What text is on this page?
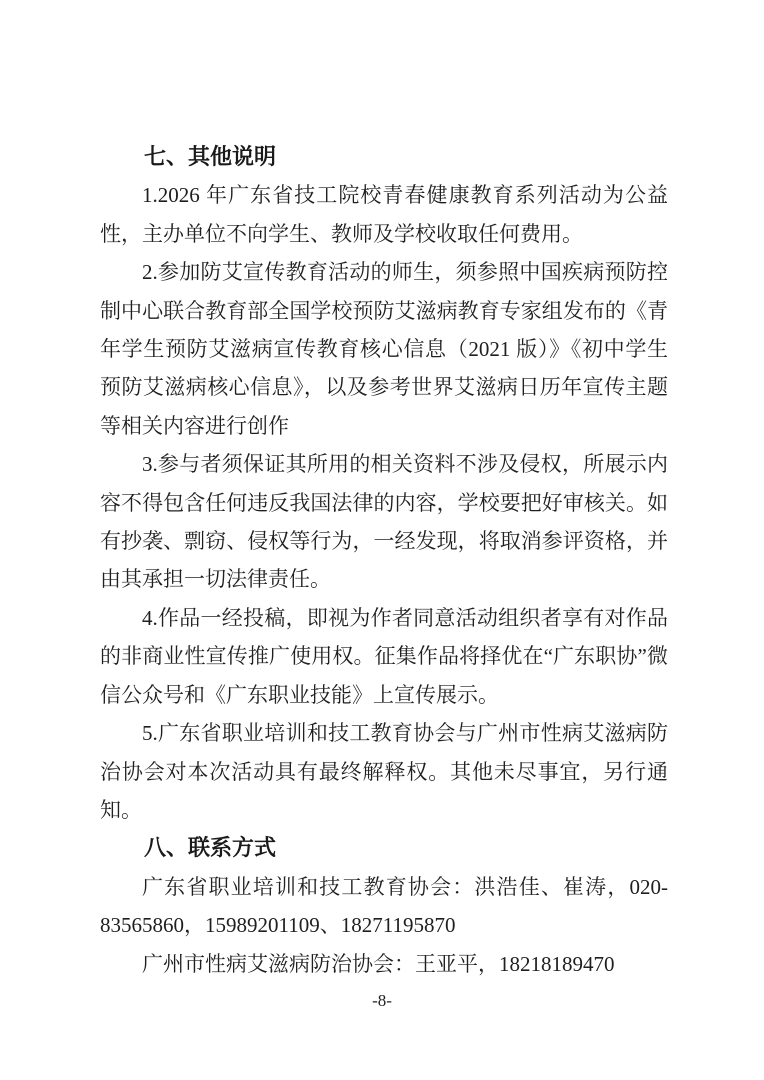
七、其他说明

1.2026 年广东省技工院校青春健康教育系列活动为公益性，主办单位不向学生、教师及学校收取任何费用。

2.参加防艾宣传教育活动的师生，须参照中国疾病预防控制中心联合教育部全国学校预防艾滋病教育专家组发布的《青年学生预防艾滋病宣传教育核心信息（2021 版）》《初中学生预防艾滋病核心信息》，以及参考世界艾滋病日历年宣传主题等相关内容进行创作

3.参与者须保证其所用的相关资料不涉及侵权，所展示内容不得包含任何违反我国法律的内容，学校要把好审核关。如有抄袭、剽窃、侵权等行为，一经发现，将取消参评资格，并由其承担一切法律责任。

4.作品一经投稿，即视为作者同意活动组织者享有对作品的非商业性宣传推广使用权。征集作品将择优在“广东职协”微信公众号和《广东职业技能》上宣传展示。

5.广东省职业培训和技工教育协会与广州市性病艾滋病防治协会对本次活动具有最终解释权。其他未尽事宜，另行通知。

八、联系方式

广东省职业培训和技工教育协会：洪浩佳、崔涛，020-83565860，15989201109、18271195870

广州市性病艾滋病防治协会：王亚平，18218189470

-8-
